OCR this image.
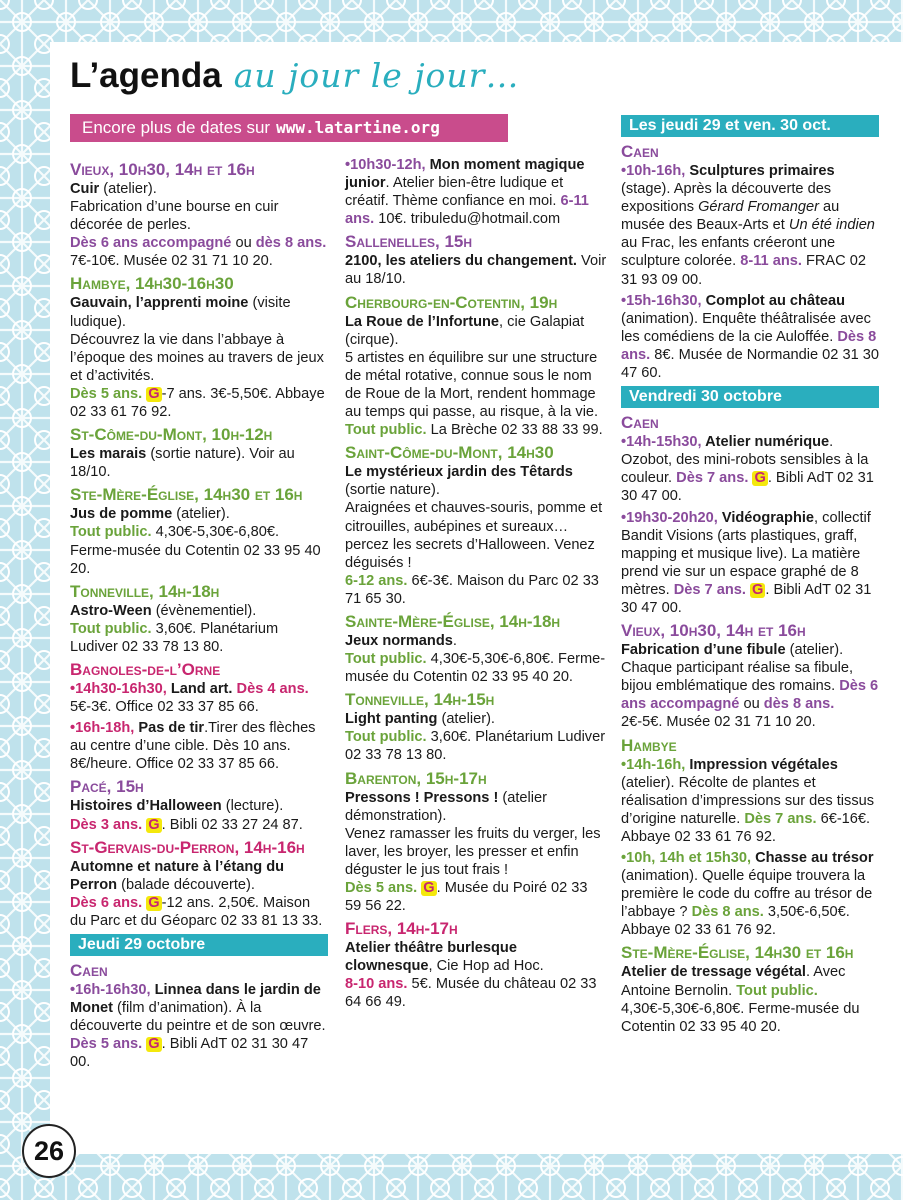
L’agenda au jour le jour…
Encore plus de dates sur www.latartine.org
Vieux, 10h30, 14h et 16h
Cuir (atelier).
Fabrication d’une bourse en cuir décorée de perles.
Dès 6 ans accompagné ou dès 8 ans. 7€-10€. Musée 02 31 71 10 20.
Hambye, 14h30-16h30
Gauvain, l’apprenti moine (visite ludique).
Découvrez la vie dans l’abbaye à l’époque des moines au travers de jeux et d’activités.
Dès 5 ans. G -7 ans. 3€-5,50€. Abbaye 02 33 61 76 92.
St-Côme-du-Mont, 10h-12h
Les marais (sortie nature). Voir au 18/10.
Ste-Mère-Église, 14h30 et 16h
Jus de pomme (atelier).
Tout public. 4,30€-5,30€-6,80€. Ferme-musée du Cotentin 02 33 95 40 20.
Tonneville, 14h-18h
Astro-Ween (évènementiel).
Tout public. 3,60€. Planétarium Ludiver 02 33 78 13 80.
Bagnoles-de-l’Orne
•14h30-16h30, Land art. Dès 4 ans. 5€-3€. Office 02 33 37 85 66.
•16h-18h, Pas de tir.Tirer des flèches au centre d’une cible. Dès 10 ans. 8€/heure. Office 02 33 37 85 66.
Pacé, 15h
Histoires d’Halloween (lecture).
Dès 3 ans. G . Bibli 02 33 27 24 87.
St-Gervais-du-Perron, 14h-16h
Automne et nature à l’étang du Perron (balade découverte).
Dès 6 ans. G -12 ans. 2,50€. Maison du Parc et du Géoparc 02 33 81 13 33.
Jeudi 29 octobre
Caen
•16h-16h30, Linnea dans le jardin de Monet (film d’animation). À la découverte du peintre et de son œuvre. Dès 5 ans. G . Bibli AdT 02 31 30 47 00.
•10h30-12h, Mon moment magique junior. Atelier bien-être ludique et créatif. Thème confiance en moi. 6-11 ans. 10€. tribuledu@hotmail.com
Sallenelles, 15h
2100, les ateliers du changement. Voir au 18/10.
Cherbourg-en-Cotentin, 19h
La Roue de l’Infortune, cie Galapiat (cirque).
5 artistes en équilibre sur une structure de métal rotative, connue sous le nom de Roue de la Mort, rendent hommage au temps qui passe, au risque, à la vie.
Tout public. La Brèche 02 33 88 33 99.
Saint-Côme-du-Mont, 14h30
Le mystérieux jardin des Têtards (sortie nature).
Araignées et chauves-souris, pomme et citrouilles, aubépines et sureaux… percez les secrets d’Halloween. Venez déguisés !
6-12 ans. 6€-3€. Maison du Parc 02 33 71 65 30.
Sainte-Mère-Église, 14h-18h
Jeux normands.
Tout public. 4,30€-5,30€-6,80€. Ferme-musée du Cotentin 02 33 95 40 20.
Tonneville, 14h-15h
Light panting (atelier).
Tout public. 3,60€. Planétarium Ludiver 02 33 78 13 80.
Barenton, 15h-17h
Pressons ! Pressons ! (atelier démonstration).
Venez ramasser les fruits du verger, les laver, les broyer, les presser et enfin déguster le jus tout frais !
Dès 5 ans. G . Musée du Poiré 02 33 59 56 22.
Flers, 14h-17h
Atelier théâtre burlesque clownesque, Cie Hop ad Hoc.
8-10 ans. 5€. Musée du château 02 33 64 66 49.
Les jeudi 29 et ven. 30 oct.
Caen
•10h-16h, Sculptures primaires (stage). Après la découverte des expositions Gérard Fromanger au musée des Beaux-Arts et Un été indien au Frac, les enfants créeront une sculpture colorée. 8-11 ans. FRAC 02 31 93 09 00.
•15h-16h30, Complot au château (animation). Enquête théâtralisée avec les comédiens de la cie Auloffée. Dès 8 ans. 8€. Musée de Normandie 02 31 30 47 60.
Vendredi 30 octobre
Caen
•14h-15h30, Atelier numérique. Ozobot, des mini-robots sensibles à la couleur. Dès 7 ans. G . Bibli AdT 02 31 30 47 00.
•19h30-20h20, Vidéographie, collectif Bandit Visions (arts plastiques, graff, mapping et musique live). La matière prend vie sur un espace graphé de 8 mètres. Dès 7 ans. G . Bibli AdT 02 31 30 47 00.
Vieux, 10h30, 14h et 16h
Fabrication d’une fibule (atelier). Chaque participant réalise sa fibule, bijou emblématique des romains. Dès 6 ans accompagné ou dès 8 ans. 2€-5€. Musée 02 31 71 10 20.
Hambye
•14h-16h, Impression végétales (atelier). Récolte de plantes et réalisation d’impressions sur des tissus d’origine naturelle. Dès 7 ans. 6€-16€. Abbaye 02 33 61 76 92.
•10h, 14h et 15h30, Chasse au trésor (animation). Quelle équipe trouvera la première le code du coffre au trésor de l’abbaye ? Dès 8 ans. 3,50€-6,50€. Abbaye 02 33 61 76 92.
Ste-Mère-Église, 14h30 et 16h
Atelier de tressage végétal. Avec Antoine Bernolin. Tout public. 4,30€-5,30€-6,80€. Ferme-musée du Cotentin 02 33 95 40 20.
26
